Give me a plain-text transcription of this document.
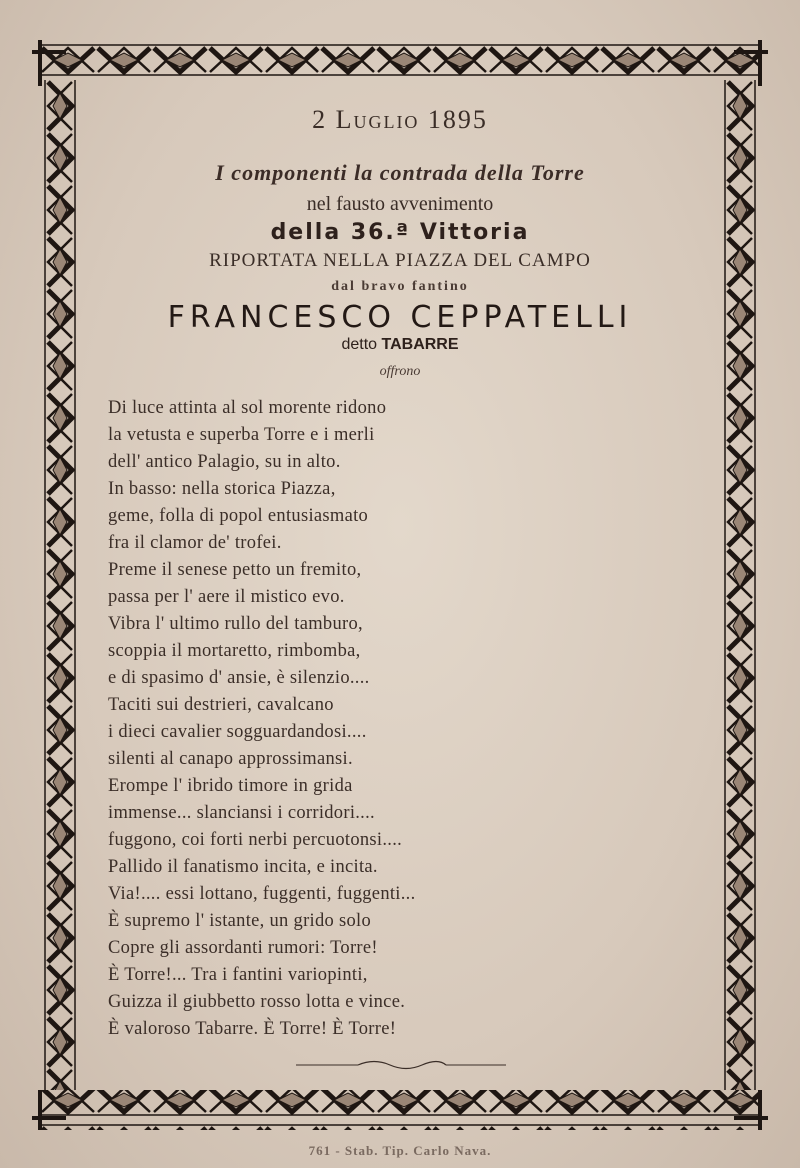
2 Luglio 1895
I componenti la contrada della Torre
nel fausto avvenimento
della 36.ª Vittoria
RIPORTATA NELLA PIAZZA DEL CAMPO
dal bravo fantino
FRANCESCO CEPPATELLI
detto TABARRE
offrono
Di luce attinta al sol morente ridono
la vetusta e superba Torre e i merli
dell' antico Palagio, su in alto.
In basso: nella storica Piazza,
geme, folla di popol entusiasmato
fra il clamor de' trofei.
Preme il senese petto un fremito,
passa per l' aere il mistico evo.
Vibra l' ultimo rullo del tamburo,
scoppia il mortaretto, rimbomba,
e di spasimo d' ansie, è silenzio....
Taciti sui destrieri, cavalcano
i dieci cavalier sogguardandosi....
silenti al canapo approssimansi.
Erompe l' ibrido timore in grida
immense... slanciansi i corridori....
fuggono, coi forti nerbi percuotonsi....
Pallido il fanatismo incita, e incita.
Via!.... essi lottano, fuggenti, fuggenti...
È supremo l' istante, un grido solo
Copre gli assordanti rumori: Torre!
È Torre!... Tra i fantini variopinti,
Guizza il giubbetto rosso lotta e vince.
È valoroso Tabarre. È Torre! È Torre!
761 - Stab. Tip. Carlo Nava.
